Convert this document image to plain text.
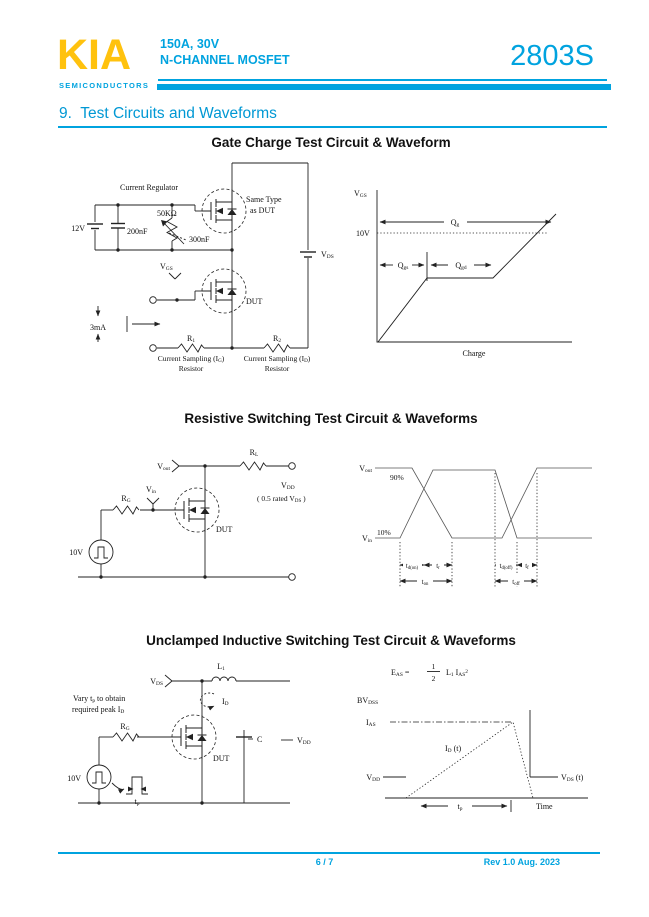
KIA
SEMICONDUCTORS
150A, 30V
N-CHANNEL MOSFET	2803S
9.  Test Circuits and Waveforms
Gate Charge Test Circuit & Waveform
12V	200nF
Current Regulator
50KΩ
300nF
Same Type
as DUT
VGS
DUT
3mA
R1	R2
Current Sampling (IG)
Resistor
Current Sampling (ID)
Resistor
VDS
VGS
10V
Qg
Qgs	Qgd
Charge
Resistive Switching Test Circuit & Waveforms
Vout
Vin
RG
10V
RL
VDD
( 0.5 rated VDS )
DUT
Vout
Vin
90%
10%
td(on)	tr
ton
td(off) tf
toff
Unclamped Inductive Switching Test Circuit & Waveforms
VDS
L1
ID
Vary tp to obtain
required peak ID
RG
10V
tp
DUT
C	VDD
EAS =
1
2
L1 IAS2
BVDSS
IAS
ID (t)
VDD	VDS (t)
tp	Time
6 / 7	Rev 1.0 Aug. 2023
